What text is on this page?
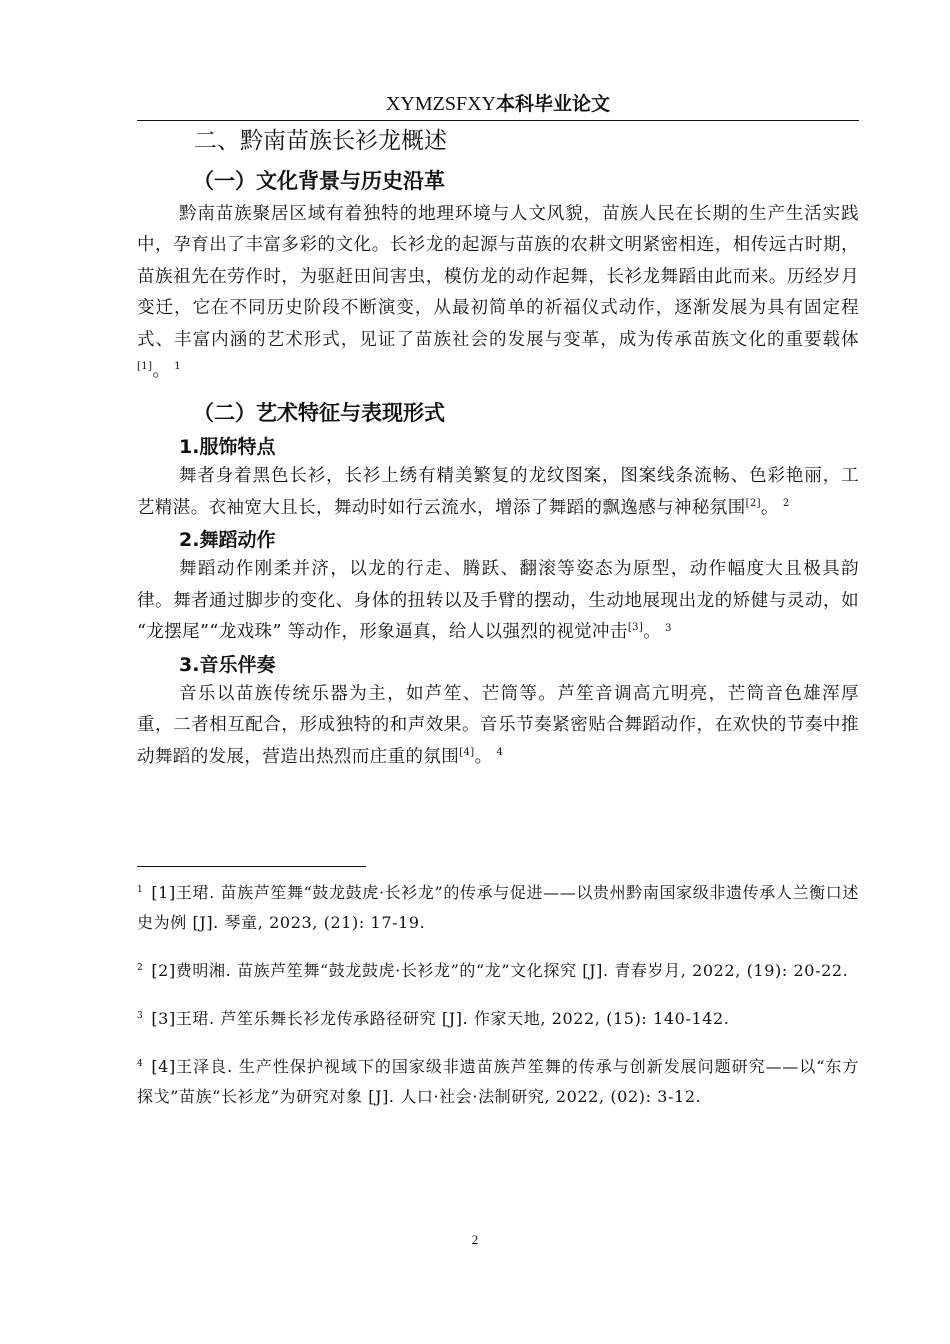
XYMZSFXY本科毕业论文
二、黔南苗族长衫龙概述
（一）文化背景与历史沿革

黔南苗族聚居区域有着独特的地理环境与人文风貌，苗族人民在长期的生产生活实践中，孕育出了丰富多彩的文化。长衫龙的起源与苗族的农耕文明紧密相连，相传远古时期，苗族祖先在劳作时，为驱赶田间害虫，模仿龙的动作起舞，长衫龙舞蹈由此而来。历经岁月变迁，它在不同历史阶段不断演变，从最初简单的祈福仪式动作，逐渐发展为具有固定程式、丰富内涵的艺术形式，见证了苗族社会的发展与变革，成为传承苗族文化的重要载体[1]。 $^1$

（二）艺术特征与表现形式
1.服饰特点

舞者身着黑色长衫，长衫上绣有精美繁复的龙纹图案，图案线条流畅、色彩艳丽，工艺精湛。衣袖宽大且长，舞动时如行云流水，增添了舞蹈的飘逸感与神秘氛围[2]。 $^2$

2.舞蹈动作

舞蹈动作刚柔并济，以龙的行走、腾跃、翻滚等姿态为原型，动作幅度大且极具韵律。舞者通过脚步的变化、身体的扭转以及手臂的摆动，生动地展现出龙的矫健与灵动，如 “龙摆尾”“龙戏珠” 等动作，形象逼真，给人以强烈的视觉冲击[3]。 $^3$

3.音乐伴奏

音乐以苗族传统乐器为主，如芦笙、芒筒等。芦笙音调高亢明亮，芒筒音色雄浑厚重，二者相互配合，形成独特的和声效果。音乐节奏紧密贴合舞蹈动作，在欢快的节奏中推动舞蹈的发展，营造出热烈而庄重的氛围[4]。 $^4$

$^1$ [1]王珺. 苗族芦笙舞“鼓龙鼓虎·长衫龙”的传承与促进——以贵州黔南国家级非遗传承人兰衡口述史为例 [J]. 琴童, 2023, (21): 17-19.

$^2$ [2]费明湘. 苗族芦笙舞“鼓龙鼓虎·长衫龙”的“龙”文化探究 [J]. 青春岁月, 2022, (19): 20-22.

$^3$ [3]王珺. 芦笙乐舞长衫龙传承路径研究 [J]. 作家天地, 2022, (15): 140-142.

$^4$ [4]王泽良. 生产性保护视域下的国家级非遗苗族芦笙舞的传承与创新发展问题研究——以“东方探戈”苗族“长衫龙”为研究对象 [J]. 人口·社会·法制研究, 2022, (02): 3-12.

2
